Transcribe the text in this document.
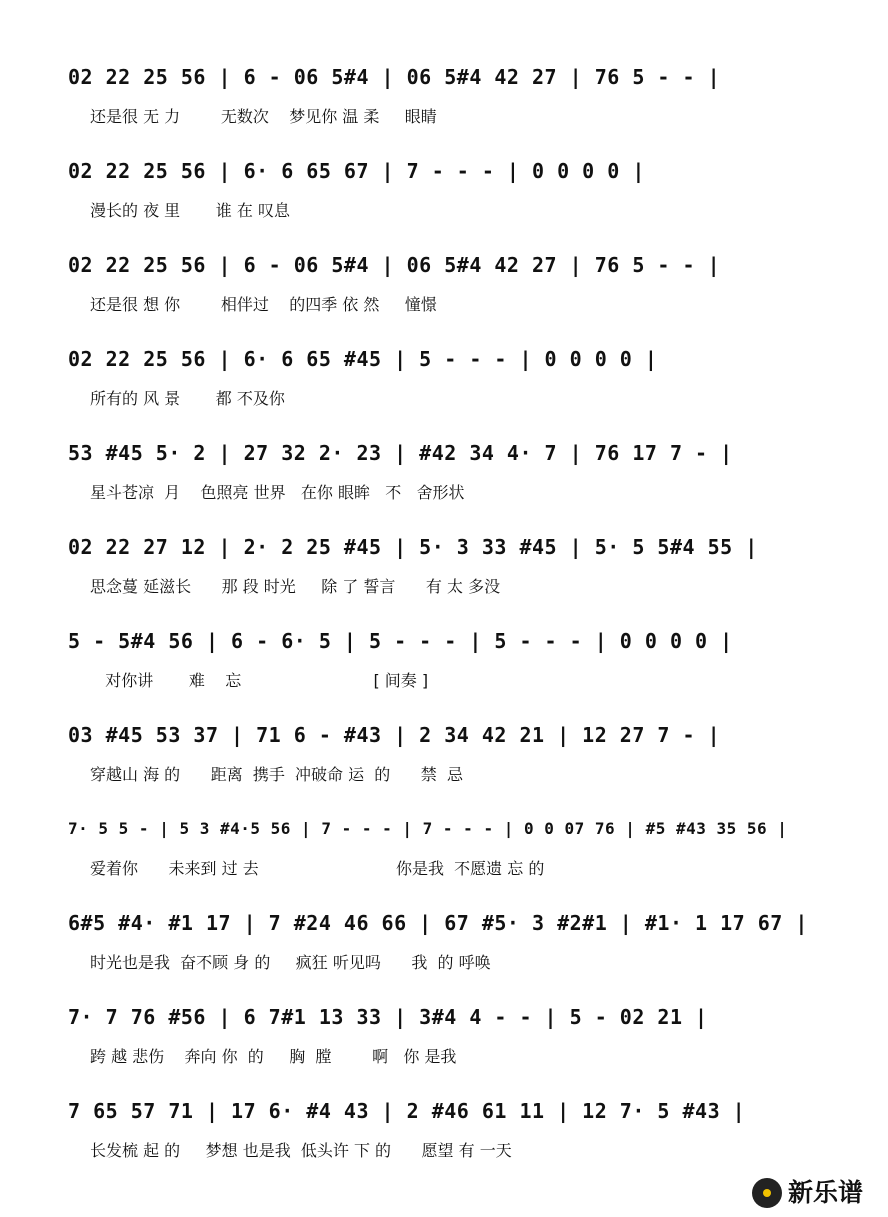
02 22 25 56 | 6 - 06 5#4 | 06 5#4 42 27 | 76 5 - - |
还是很 无 力        无数次    梦见你 温 柔     眼睛
02 22 25 56 | 6· 6 65 67 | 7 - - - | 0 0 0 0 |
漫长的 夜 里       谁 在 叹息
02 22 25 56 | 6 - 06 5#4 | 06 5#4 42 27 | 76 5 - - |
还是很 想 你        相伴过    的四季 依 然     憧憬
02 22 25 56 | 6· 6 65 #45 | 5 - - - | 0 0 0 0 |
所有的 风 景       都 不及你
53 #45 5· 2 | 27 32 2· 23 | #42 34 4· 7 | 76 17 7 - |
星斗苍凉  月    色照亮 世界   在你 眼眸   不   舍形状
02 22 27 12 | 2· 2 25 #45 | 5· 3 33 #45 | 5· 5 5#4 55 |
思念蔓 延滋长      那 段 时光     除 了 誓言      有 太 多没
5 - 5#4 56 | 6 - 6· 5 | 5 - - - | 5 - - - | 0 0 0 0 |
对你讲       难    忘                          [ 间奏 ]
03 #45 53 37 | 71 6 - #43 | 2 34 42 21 | 12 27 7 - |
穿越山 海 的      距离  携手  冲破命 运  的      禁  忌
7· 5 5 - | 5 3 #4·5 56 | 7 - - - | 7 - - - | 0 0 07 76 | #5 #43 35 56 |
爱着你      未来到 过 去                           你是我  不愿遗 忘 的
6#5 #4· #1 17 | 7 #24 46 66 | 67 #5· 3 #2#1 | #1· 1 17 67 |
时光也是我  奋不顾 身 的     疯狂 听见吗      我  的 呼唤
7· 7 76 #56 | 6 7#1 13 33 | 3#4 4 - - | 5 - 02 21 |
跨 越 悲伤    奔向 你  的     胸  膛        啊   你 是我
7 65 57 71 | 17 6· #4 43 | 2 #46 61 11 | 12 7· 5 #43 |
长发梳 起 的     梦想 也是我  低头许 下 的      愿望 有 一天
新乐谱
